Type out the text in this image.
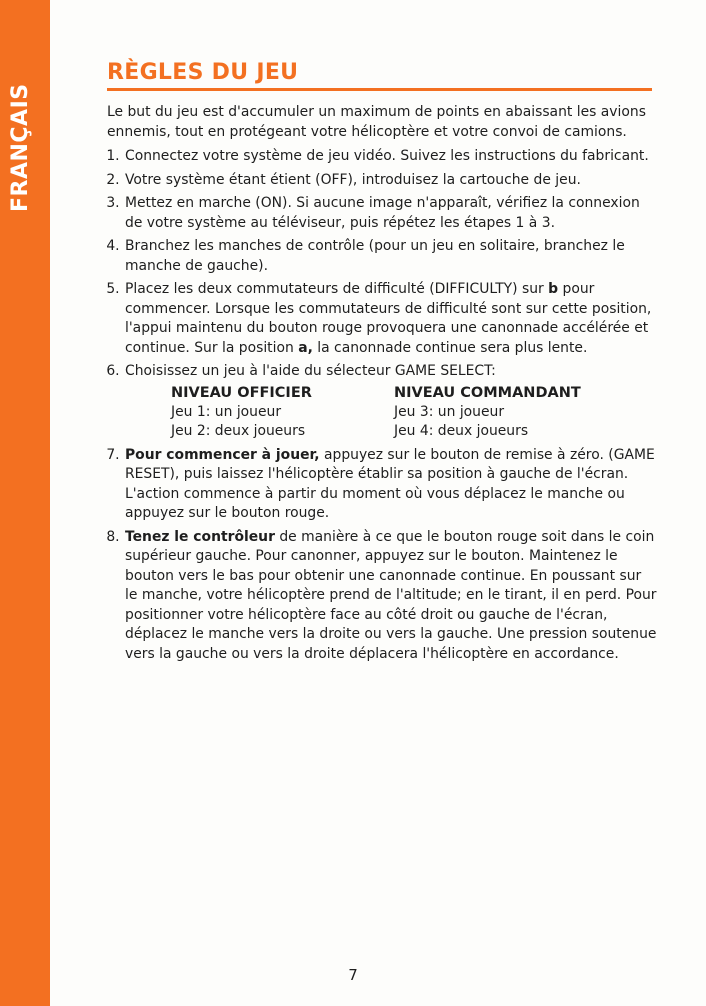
FRANÇAIS
RÈGLES DU JEU

Le but du jeu est d'accumuler un maximum de points en abaissant les avions ennemis, tout en protégeant votre hélicoptère et votre convoi de camions.

1. Connectez votre système de jeu vidéo. Suivez les instructions du fabricant.
2. Votre système étant étient (OFF), introduisez la cartouche de jeu.
3. Mettez en marche (ON). Si aucune image n'apparaît, vérifiez la connexion de votre système au téléviseur, puis répétez les étapes 1 à 3.
4. Branchez les manches de contrôle (pour un jeu en solitaire, branchez le manche de gauche).
5. Placez les deux commutateurs de difficulté (DIFFICULTY) sur b pour commencer. Lorsque les commutateurs de difficulté sont sur cette position, l'appui maintenu du bouton rouge provoquera une canonnade accélérée et continue. Sur la position a, la canonnade continue sera plus lente.
6. Choisissez un jeu à l'aide du sélecteur GAME SELECT:
NIVEAU OFFICIER
Jeu 1: un joueur
Jeu 2: deux joueurs
NIVEAU COMMANDANT
Jeu 3: un joueur
Jeu 4: deux joueurs
7. Pour commencer à jouer, appuyez sur le bouton de remise à zéro. (GAME RESET), puis laissez l'hélicoptère établir sa position à gauche de l'écran. L'action commence à partir du moment où vous déplacez le manche ou appuyez sur le bouton rouge.
8. Tenez le contrôleur de manière à ce que le bouton rouge soit dans le coin supérieur gauche. Pour canonner, appuyez sur le bouton. Maintenez le bouton vers le bas pour obtenir une canonnade continue. En poussant sur le manche, votre hélicoptère prend de l'altitude; en le tirant, il en perd. Pour positionner votre hélicoptère face au côté droit ou gauche de l'écran, déplacez le manche vers la droite ou vers la gauche. Une pression soutenue vers la gauche ou vers la droite déplacera l'hélicoptère en accordance.
7
